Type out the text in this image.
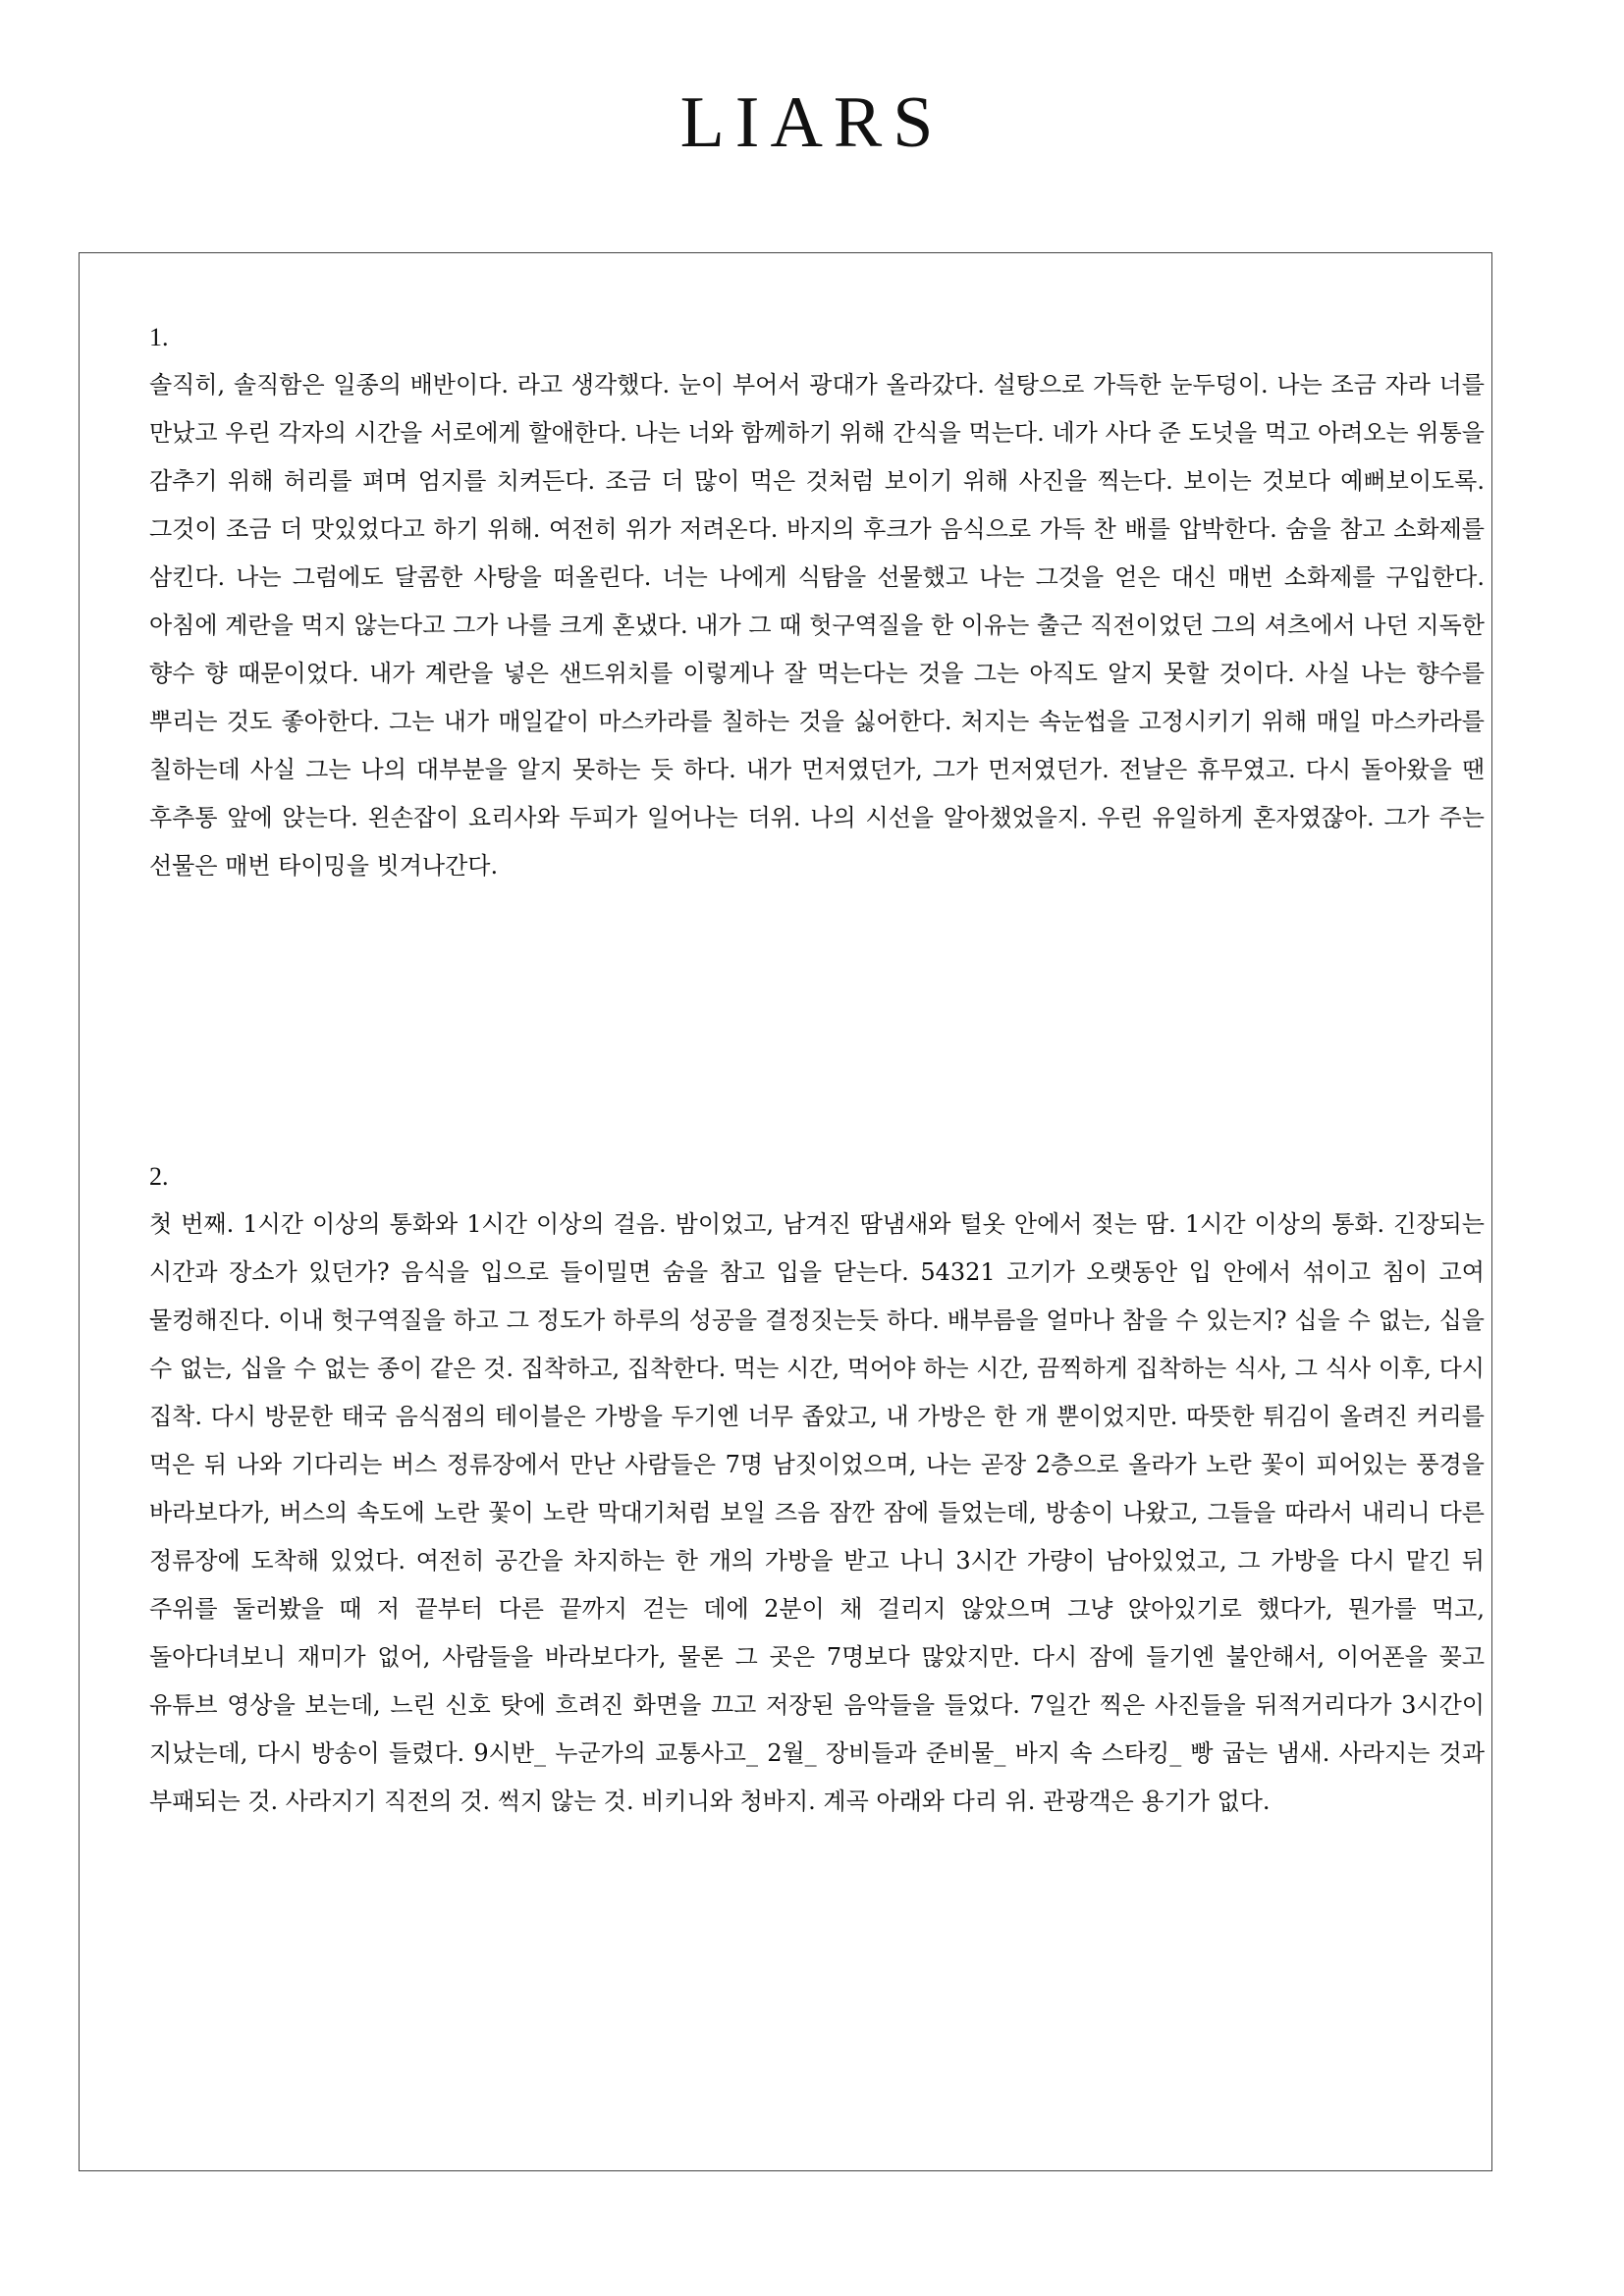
LIARS
1.

솔직히, 솔직함은 일종의 배반이다. 라고 생각했다. 눈이 부어서 광대가 올라갔다. 설탕으로 가득한 눈두덩이. 나는 조금 자라 너를 만났고 우린 각자의 시간을 서로에게 할애한다. 나는 너와 함께하기 위해 간식을 먹는다. 네가 사다 준 도넛을 먹고 아려오는 위통을 감추기 위해 허리를 펴며 엄지를 치켜든다. 조금 더 많이 먹은 것처럼 보이기 위해 사진을 찍는다. 보이는 것보다 예뻐보이도록. 그것이 조금 더 맛있었다고 하기 위해. 여전히 위가 저려온다. 바지의 후크가 음식으로 가득 찬 배를 압박한다. 숨을 참고 소화제를 삼킨다. 나는 그럼에도 달콤한 사탕을 떠올린다. 너는 나에게 식탐을 선물했고 나는 그것을 얻은 대신 매번 소화제를 구입한다. 아침에 계란을 먹지 않는다고 그가 나를 크게 혼냈다. 내가 그 때 헛구역질을 한 이유는 출근 직전이었던 그의 셔츠에서 나던 지독한 향수 향 때문이었다. 내가 계란을 넣은 샌드위치를 이렇게나 잘 먹는다는 것을 그는 아직도 알지 못할 것이다. 사실 나는 향수를 뿌리는 것도 좋아한다. 그는 내가 매일같이 마스카라를 칠하는 것을 싫어한다. 처지는 속눈썹을 고정시키기 위해 매일 마스카라를 칠하는데 사실 그는 나의 대부분을 알지 못하는 듯 하다. 내가 먼저였던가, 그가 먼저였던가. 전날은 휴무였고. 다시 돌아왔을 땐 후추통 앞에 앉는다. 왼손잡이 요리사와 두피가 일어나는 더위. 나의 시선을 알아챘었을지. 우린 유일하게 혼자였잖아. 그가 주는 선물은 매번 타이밍을 빗겨나간다.

2.

첫 번째. 1시간 이상의 통화와 1시간 이상의 걸음. 밤이었고, 남겨진 땀냄새와 털옷 안에서 젖는 땀. 1시간 이상의 통화. 긴장되는 시간과 장소가 있던가? 음식을 입으로 들이밀면 숨을 참고 입을 닫는다. 54321 고기가 오랫동안 입 안에서 섞이고 침이 고여 물컹해진다. 이내 헛구역질을 하고 그 정도가 하루의 성공을 결정짓는듯 하다. 배부름을 얼마나 참을 수 있는지? 십을 수 없는, 십을 수 없는, 십을 수 없는 종이 같은 것. 집착하고, 집착한다. 먹는 시간, 먹어야 하는 시간, 끔찍하게 집착하는 식사, 그 식사 이후, 다시 집착. 다시 방문한 태국 음식점의 테이블은 가방을 두기엔 너무 좁았고, 내 가방은 한 개 뿐이었지만. 따뜻한 튀김이 올려진 커리를 먹은 뒤 나와 기다리는 버스 정류장에서 만난 사람들은 7명 남짓이었으며, 나는 곧장 2층으로 올라가 노란 꽃이 피어있는 풍경을 바라보다가, 버스의 속도에 노란 꽃이 노란 막대기처럼 보일 즈음 잠깐 잠에 들었는데, 방송이 나왔고, 그들을 따라서 내리니 다른 정류장에 도착해 있었다. 여전히 공간을 차지하는 한 개의 가방을 받고 나니 3시간 가량이 남아있었고, 그 가방을 다시 맡긴 뒤 주위를 둘러봤을 때 저 끝부터 다른 끝까지 걷는 데에 2분이 채 걸리지 않았으며 그냥 앉아있기로 했다가, 뭔가를 먹고, 돌아다녀보니 재미가 없어, 사람들을 바라보다가, 물론 그 곳은 7명보다 많았지만. 다시 잠에 들기엔 불안해서, 이어폰을 꽂고 유튜브 영상을 보는데, 느린 신호 탓에 흐려진 화면을 끄고 저장된 음악들을 들었다. 7일간 찍은 사진들을 뒤적거리다가 3시간이 지났는데, 다시 방송이 들렸다. 9시반_ 누군가의 교통사고_ 2월_ 장비들과 준비물_ 바지 속 스타킹_ 빵 굽는 냄새. 사라지는 것과 부패되는 것. 사라지기 직전의 것. 썩지 않는 것. 비키니와 청바지. 계곡 아래와 다리 위. 관광객은 용기가 없다.
